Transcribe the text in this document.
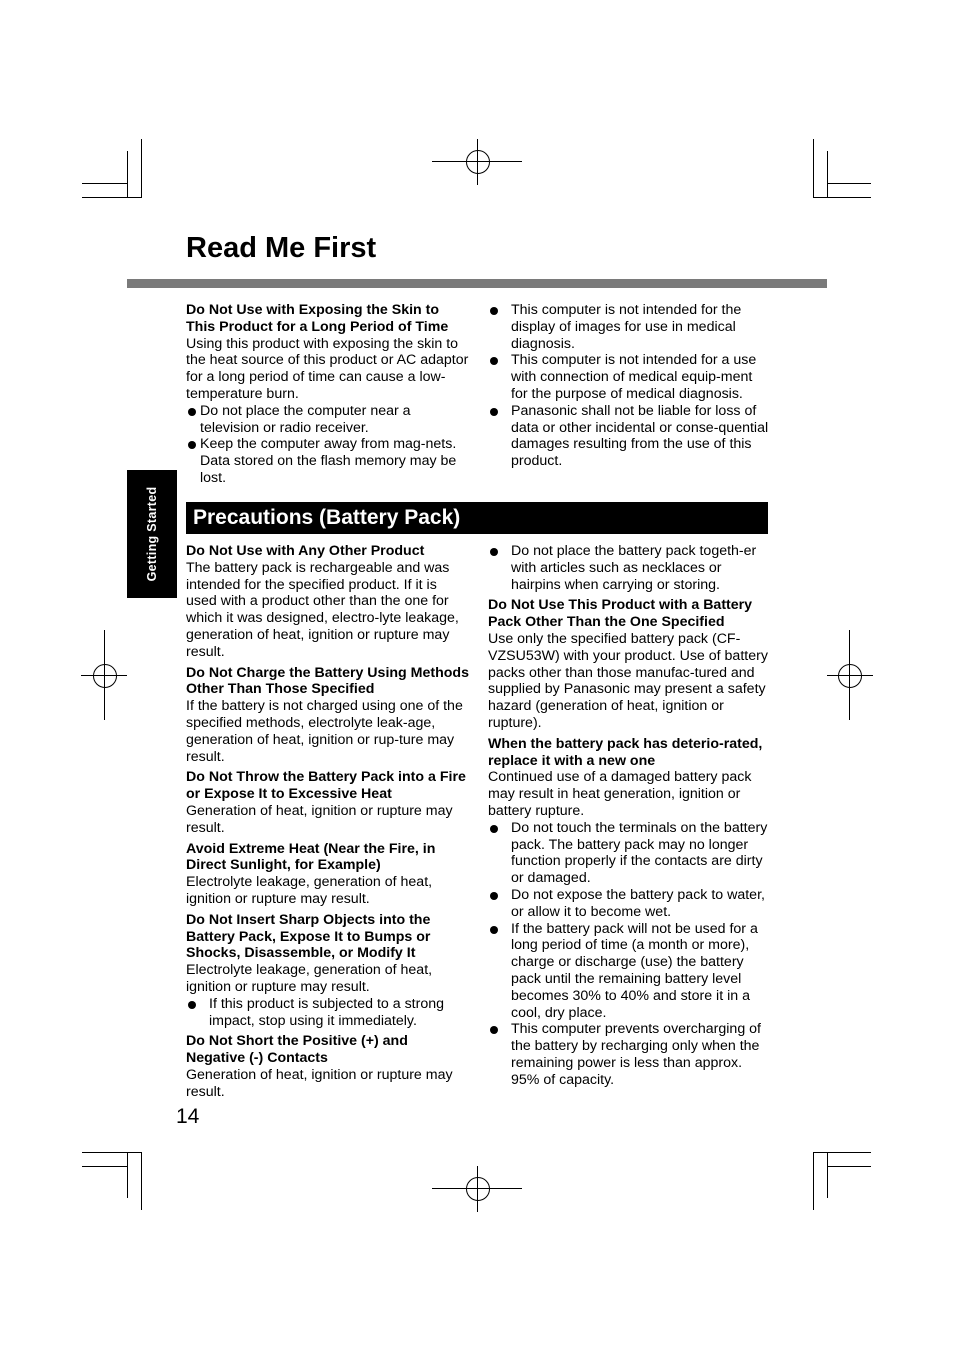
Read Me First
Getting Started

Do Not Use with Exposing the Skin to This Product for a Long Period of Time

Using this product with exposing the skin to the heat source of this product or AC adaptor for a long period of time can cause a low-temperature burn.

Do not place the computer near a television or radio receiver.
Keep the computer away from mag-nets. Data stored on the flash memory may be lost.
This computer is not intended for the display of images for use in medical diagnosis.
This computer is not intended for a use with connection of medical equip-ment for the purpose of medical diagnosis.
Panasonic shall not be liable for loss of data or other incidental or conse-quential damages resulting from the use of this product.
Precautions (Battery Pack)

Do Not Use with Any Other Product

The battery pack is rechargeable and was intended for the specified product. If it is used with a product other than the one for which it was designed, electro-lyte leakage, generation of heat, ignition or rupture may result.

Do Not Charge the Battery Using Methods Other Than Those Specified

If the battery is not charged using one of the specified methods, electrolyte leak-age, generation of heat, ignition or rup-ture may result.

Do Not Throw the Battery Pack into a Fire or Expose It to Excessive Heat

Generation of heat, ignition or rupture may result.

Avoid Extreme Heat (Near the Fire, in Direct Sunlight, for Example)

Electrolyte leakage, generation of heat, ignition or rupture may result.

Do Not Insert Sharp Objects into the Battery Pack, Expose It to Bumps or Shocks, Disassemble, or Modify It

Electrolyte leakage, generation of heat, ignition or rupture may result.

If this product is subjected to a strong impact, stop using it immediately.

Do Not Short the Positive (+) and Negative (-) Contacts

Generation of heat, ignition or rupture may result.

Do not place the battery pack togeth-er with articles such as necklaces or hairpins when carrying or storing.

Do Not Use This Product with a Battery Pack Other Than the One Specified

Use only the specified battery pack (CF-VZSU53W) with your product. Use of battery packs other than those manufac-tured and supplied by Panasonic may present a safety hazard (generation of heat, ignition or rupture).

When the battery pack has deterio-rated, replace it with a new one

Continued use of a damaged battery pack may result in heat generation, ignition or battery rupture.

Do not touch the terminals on the battery pack. The battery pack may no longer function properly if the contacts are dirty or damaged.
Do not expose the battery pack to water, or allow it to become wet.
If the battery pack will not be used for a long period of time (a month or more), charge or discharge (use) the battery pack until the remaining battery level becomes 30% to 40% and store it in a cool, dry place.
This computer prevents overcharging of the battery by recharging only when the remaining power is less than approx. 95% of capacity.
14
